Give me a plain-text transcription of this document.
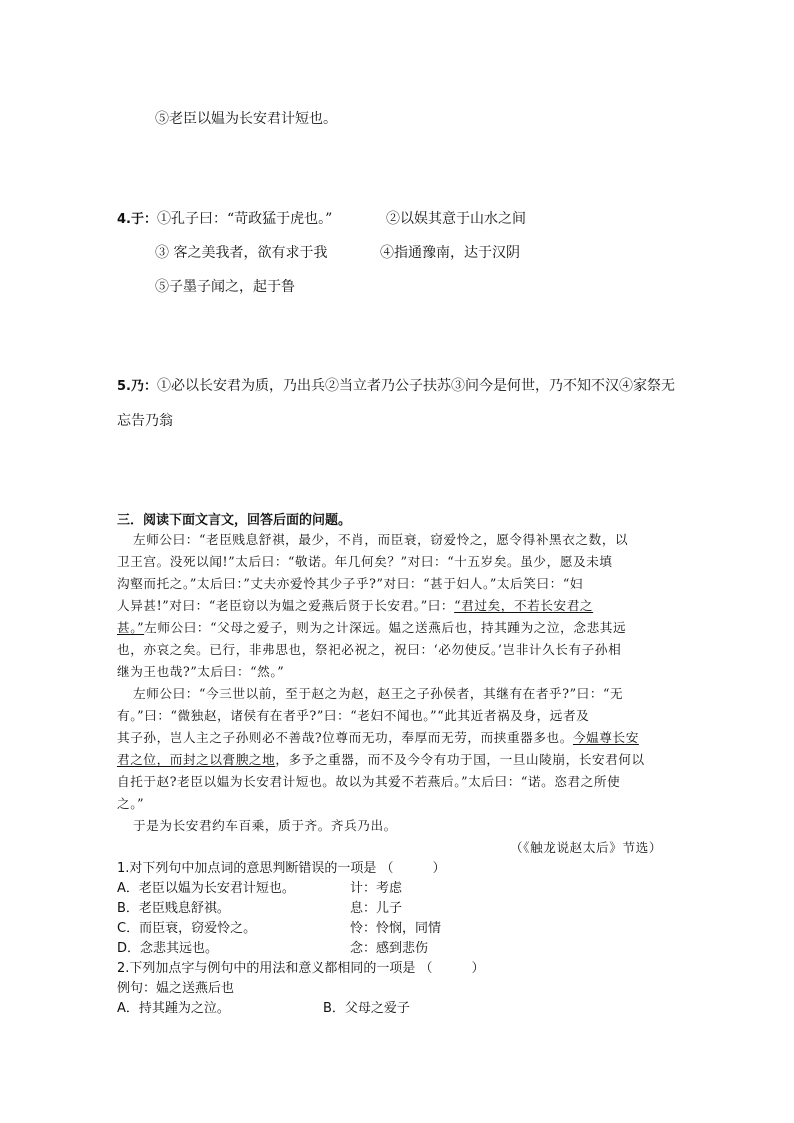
⑤老臣以媪为长安君计短也。
4.于：①孔子曰：“苛政猛于虎也。”	②以娱其意于山水之间
③ 客之美我者，欲有求于我	④指通豫南，达于汉阴
⑤子墨子闻之，起于鲁
5.乃：①必以长安君为质，乃出兵②当立者乃公子扶苏③问今是何世，乃不知不汉④家祭无
忘告乃翁
三．阅读下面文言文，回答后面的问题。
左师公曰：“老臣贱息舒祺，最少，不肖，而臣衰，窃爱怜之，愿令得补黑衣之数，以
卫王宫。没死以闻!”太后曰：“敬诺。年几何矣？”对曰：“十五岁矣。虽少，愿及未填
沟壑而托之。”太后曰：”丈夫亦爱怜其少子乎?”对曰：“甚于妇人。”太后笑曰：“妇
人异甚!”对曰：“老臣窃以为媪之爱燕后贤于长安君。”曰：“君过矣，不若长安君之
甚。”左师公曰：“父母之爱子，则为之计深远。媪之送燕后也，持其踵为之泣，念悲其远
也，亦哀之矣。已行，非弗思也，祭祀必祝之，祝曰：‘必勿使反。’岂非计久长有子孙相
继为王也哉?”太后曰：“然。”
左师公曰：“今三世以前，至于赵之为赵，赵王之子孙侯者，其继有在者乎?”曰：“无
有。”曰：“微独赵，诸侯有在者乎?”曰：“老妇不闻也。”“此其近者祸及身，远者及
其子孙，岂人主之子孙则必不善哉?位尊而无功，奉厚而无劳，而挟重器多也。今媪尊长安
君之位，而封之以膏腴之地，多予之重器，而不及今令有功于国，一旦山陵崩，长安君何以
自托于赵?老臣以媪为长安君计短也。故以为其爱不若燕后。”太后曰：“诺。恣君之所使
之。”
于是为长安君约车百乘，质于齐。齐兵乃出。
（《触龙说赵太后》节选）
1.对下列句中加点词的意思判断错误的一项是 （　　　）
A．老臣以媪为长安君计短也。	计：考虑
B．老臣贱息舒祺。	息：儿子
C．而臣衰，窃爱怜之。	怜：怜悯，同情
D．念悲其远也。	念：感到悲伤
2.下列加点字与例句中的用法和意义都相同的一项是 （　　　）
例句：媪之送燕后也
A．持其踵为之泣。	B．父母之爱子
